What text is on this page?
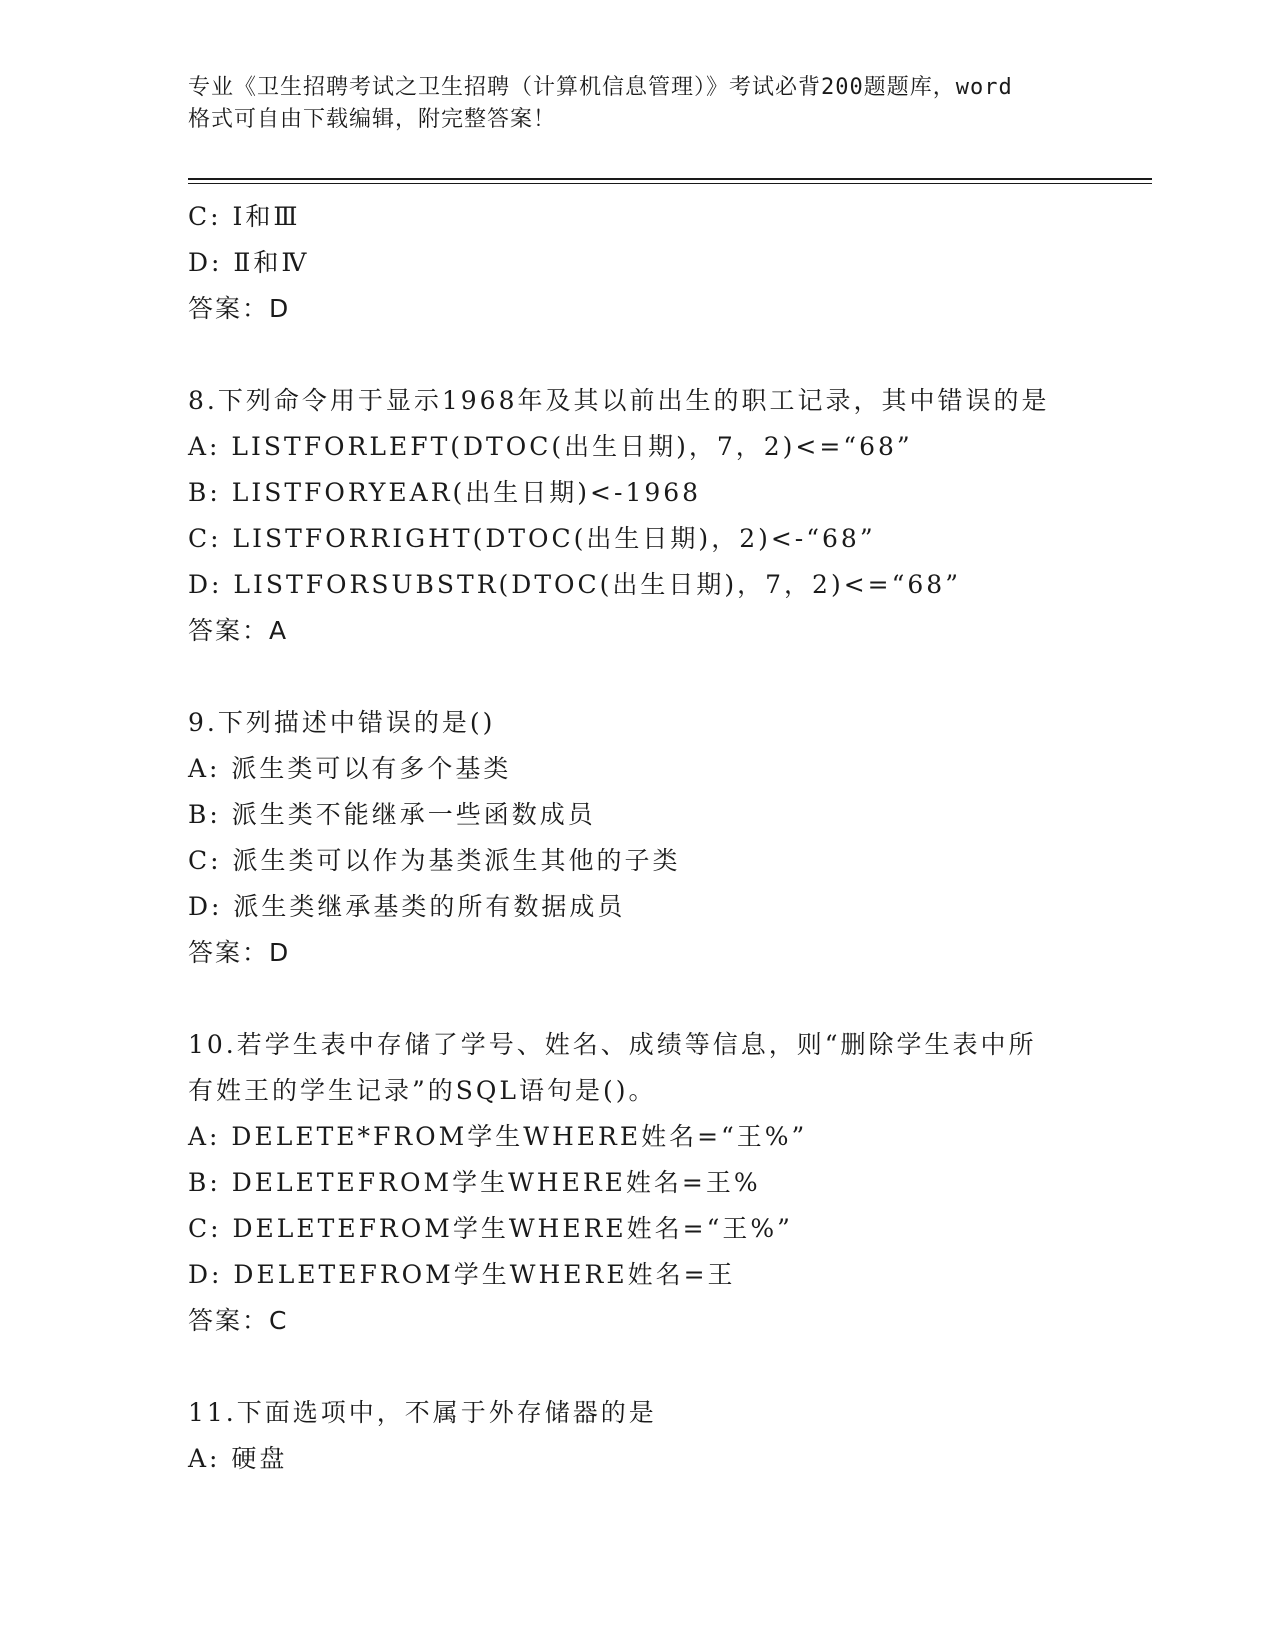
专业《卫生招聘考试之卫生招聘（计算机信息管理）》考试必背200题题库，word
格式可自由下载编辑，附完整答案！
C: Ⅰ和Ⅲ
D: Ⅱ和Ⅳ
答案：D
8.下列命令用于显示1968年及其以前出生的职工记录，其中错误的是
A: LISTFORLEFT(DTOC(出生日期)，7，2)<=“68”
B: LISTFORYEAR(出生日期)<-1968
C: LISTFORRIGHT(DTOC(出生日期)，2)<-“68”
D: LISTFORSUBSTR(DTOC(出生日期)，7，2)<=“68”
答案：A
9.下列描述中错误的是()
A: 派生类可以有多个基类
B: 派生类不能继承一些函数成员
C: 派生类可以作为基类派生其他的子类
D: 派生类继承基类的所有数据成员
答案：D
10.若学生表中存储了学号、姓名、成绩等信息，则“删除学生表中所
有姓王的学生记录”的SQL语句是()。
A: DELETE*FROM学生WHERE姓名=“王%”
B: DELETEFROM学生WHERE姓名=王%
C: DELETEFROM学生WHERE姓名=“王%”
D: DELETEFROM学生WHERE姓名=王
答案：C
11.下面选项中，不属于外存储器的是
A: 硬盘
